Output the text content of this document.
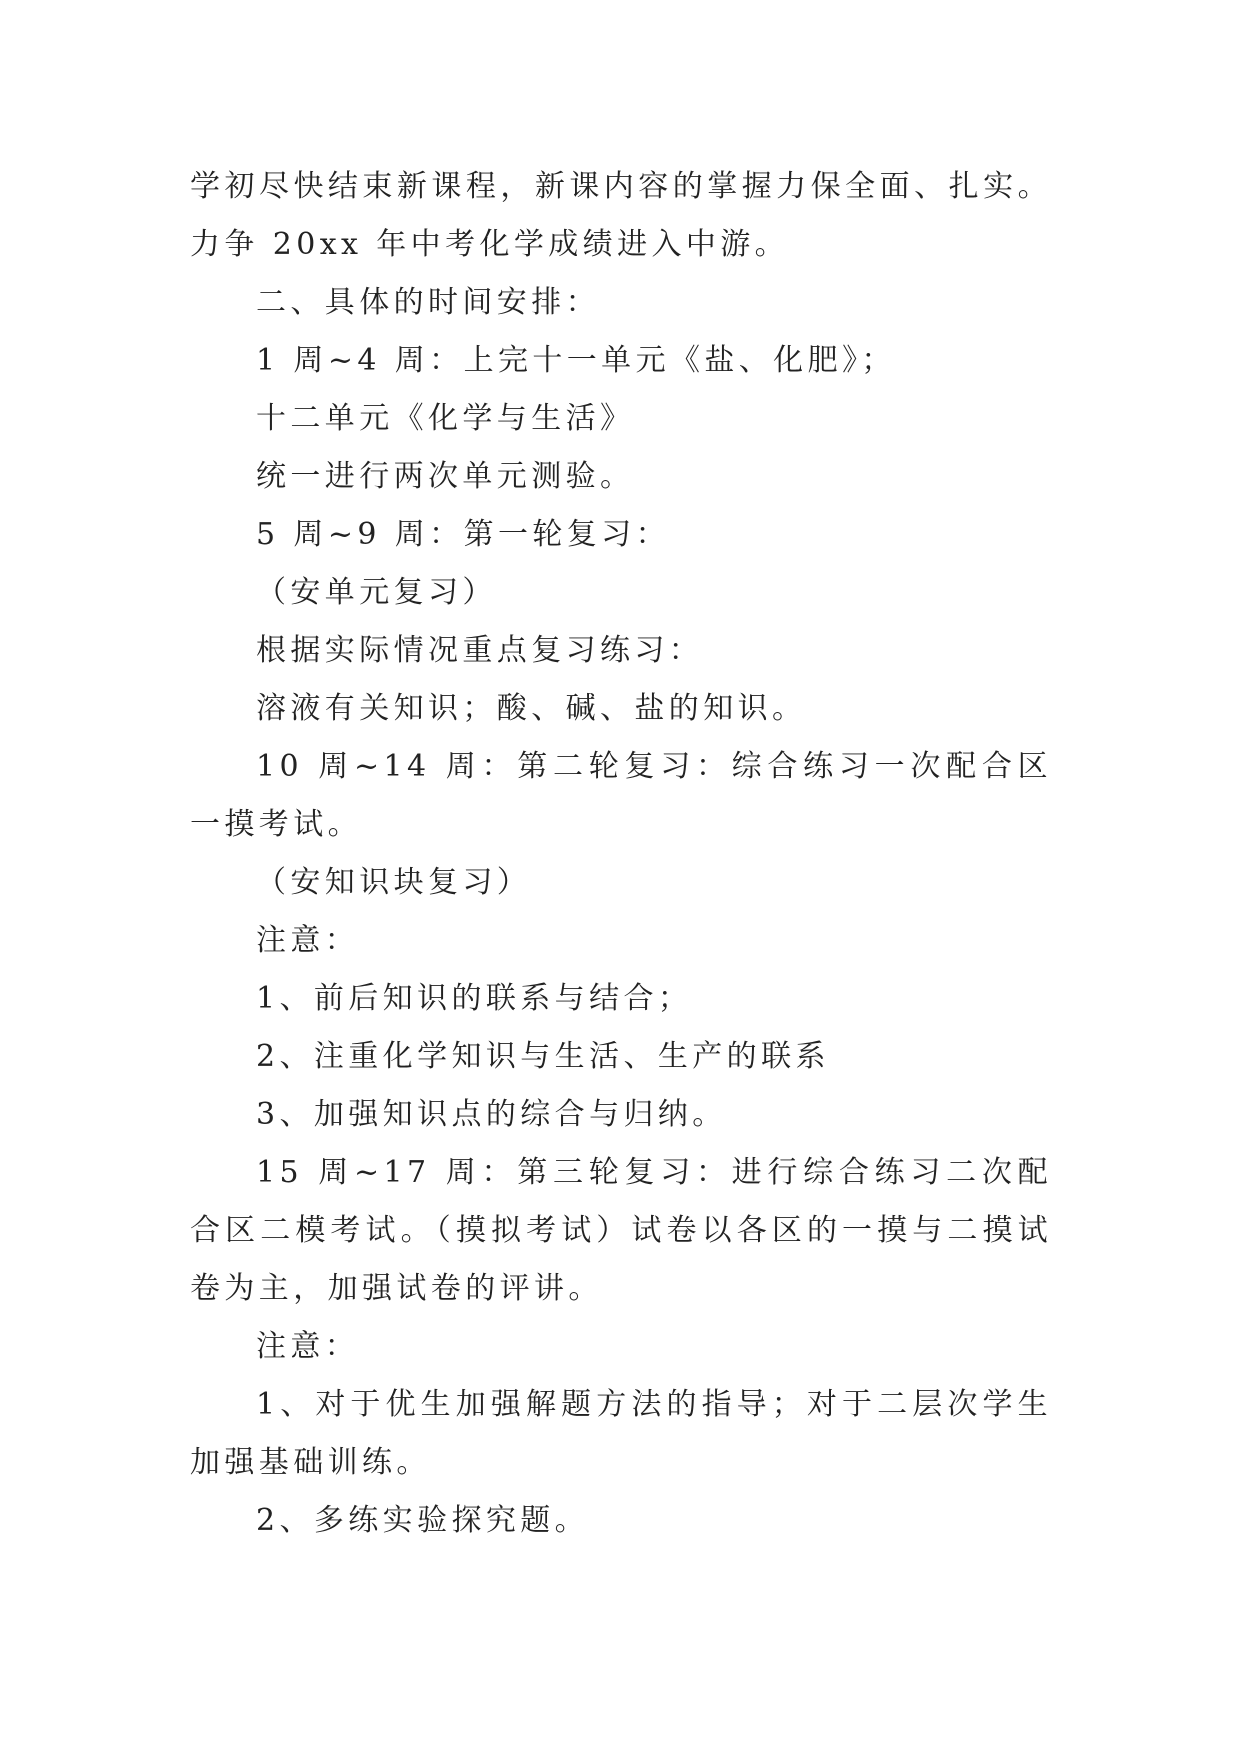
学初尽快结束新课程，新课内容的掌握力保全面、扎实。力争 20xx 年中考化学成绩进入中游。

二、具体的时间安排：

1 周~4 周：上完十一单元《盐、化肥》；

十二单元《化学与生活》

统一进行两次单元测验。

5 周~9 周：第一轮复习：

（安单元复习）

根据实际情况重点复习练习：

溶液有关知识；酸、碱、盐的知识。

10 周~14 周：第二轮复习：综合练习一次配合区一摸考试。

（安知识块复习）

注意：

1、前后知识的联系与结合；

2、注重化学知识与生活、生产的联系

3、加强知识点的综合与归纳。

15 周~17 周：第三轮复习：进行综合练习二次配合区二模考试。（摸拟考试）试卷以各区的一摸与二摸试卷为主，加强试卷的评讲。

注意：

1、对于优生加强解题方法的指导；对于二层次学生加强基础训练。

2、多练实验探究题。
